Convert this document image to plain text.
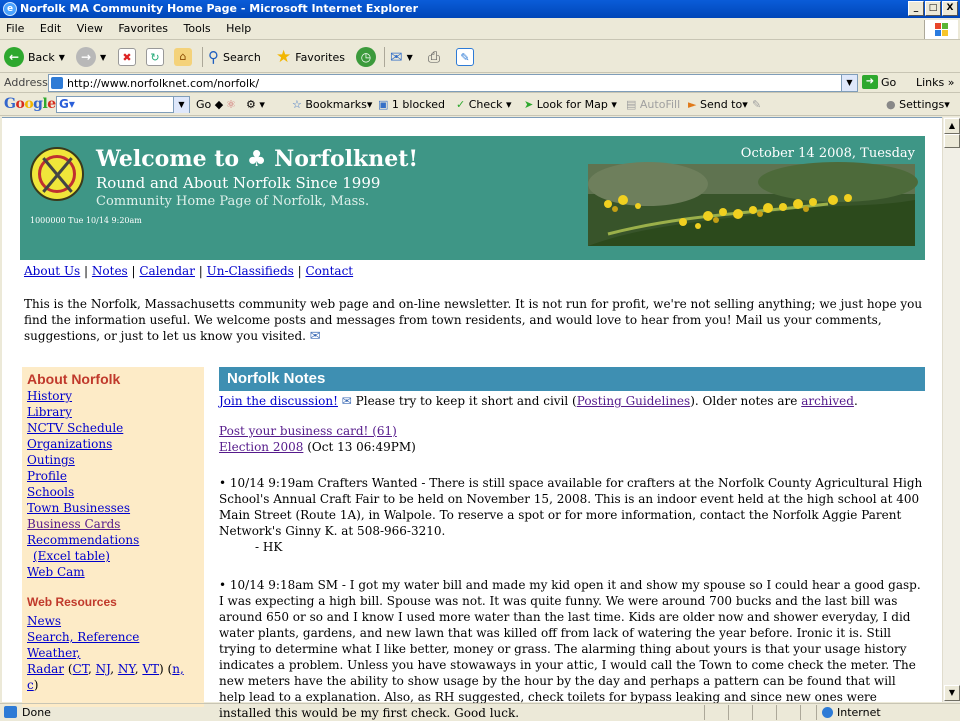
e Norfolk MA Community Home Page - Microsoft Internet Explorer	_	□	X
File Edit View Favorites Tools Help
← Back ▼	→	▼	✖	↻	⌂	⚲ Search ★ Favorites	◷	✉ ▼ ⎙	✎
Address http://www.norfolknet.com/norfolk/	▼	➜ Go Links »
Google G▾	▼	Go ◆ ⚛ ⚙ ▾ ☆ Bookmarks▾ ▣ 1 blocked ✓ Check ▾ ➤ Look for Map ▾ ▤ AutoFill ► Send to▾ ✎	● Settings▾
Welcome to ♣ Norfolknet!
Round and About Norfolk Since 1999
Community Home Page of Norfolk, Mass.
1000000 Tue 10/14 9:20am
October 14 2008, Tuesday
About Us | Notes | Calendar | Un-Classifieds | Contact
This is the Norfolk, Massachusetts community web page and on-line newsletter. It is not run for profit, we're not selling anything; we just hope you find the information useful. We welcome posts and messages from town residents, and would love to hear from you! Mail us your comments, suggestions, or just to let us know you visited. ✉
About Norfolk
History
Library
NCTV Schedule
Organizations
Outings
Profile
Schools
Town Businesses
Business Cards
Recommendations
(Excel table)
Web Cam
Web Resources
News
Search, Reference
Weather,
Radar (CT, NJ, NY, VT) (n,
c)
Norfolk Notes

Join the discussion! ✉ Please try to keep it short and civil (Posting Guidelines). Older notes are archived.

Post your business card! (61)
Election 2008 (Oct 13 06:49PM)

• 10/14 9:19am Crafters Wanted - There is still space available for crafters at the Norfolk County Agricultural High School's Annual Craft Fair to be held on November 15, 2008. This is an indoor event held at the high school at 400 Main Street (Route 1A), in Walpole. To reserve a spot or for more information, contact the Norfolk Aggie Parent Network's Ginny K. at 508-966-3210.
- HK
• 10/14 9:18am SM - I got my water bill and made my kid open it and show my spouse so I could hear a good gasp. I was expecting a high bill. Spouse was not. It was quite funny. We were around 700 bucks and the last bill was around 650 or so and I know I used more water than the last time. Kids are older now and shower everyday, I did water plants, gardens, and new lawn that was killed off from lack of watering the year before. Ironic it is. Still trying to determine what I like better, money or grass. The alarming thing about yours is that your usage history indicates a problem. Unless you have stowaways in your attic, I would call the Town to come check the meter. The new meters have the ability to show usage by the hour by the day and perhaps a pattern can be found that will help lead to a explanation. Also, as RH suggested, check toilets for bypass leaking and since new ones were installed this would be my first check. Good luck.
▲
▼
Done	Internet
